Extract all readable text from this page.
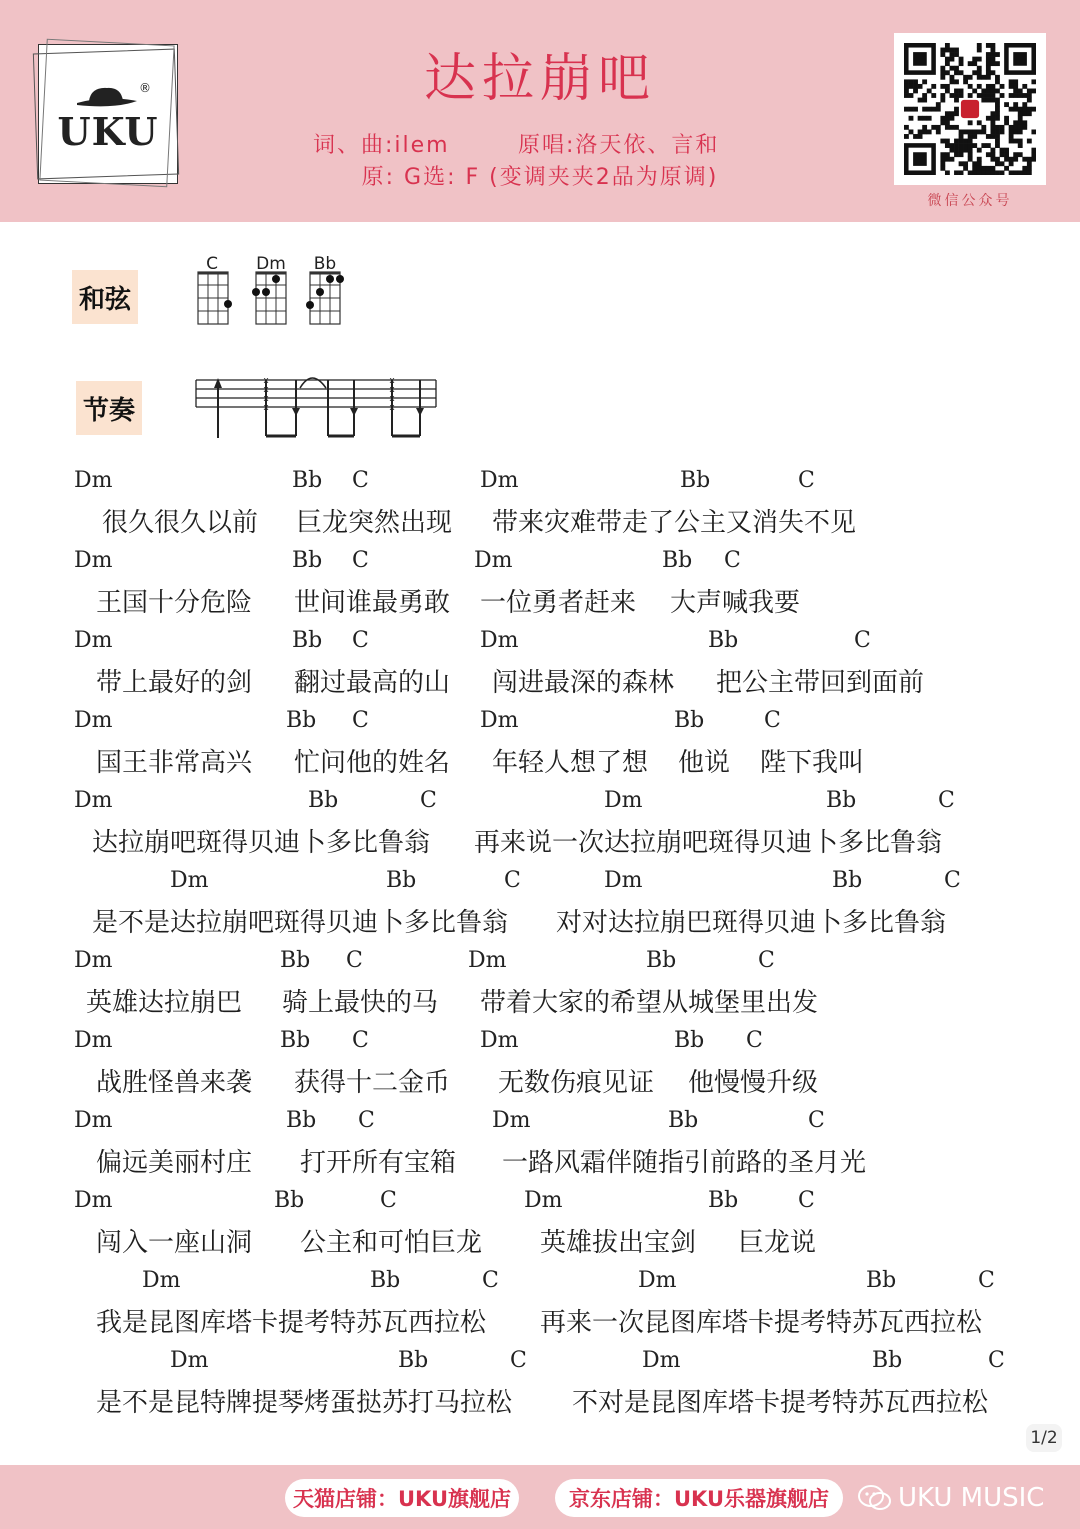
®
UKU
达拉崩吧
词、曲:ilem	原唱:洛天依、言和
原: G选: F (变调夹夹2品为原调)
微信公众号
和弦
C Dm Bb
节奏
x
x
x
x
x
x
x
x
Dm	Bb C	Dm	Bb	C
很久很久以前 巨龙突然出现 带来灾难带走了公主又消失不见
Dm	Bb C	Dm	Bb C
王国十分危险 世间谁最勇敢 一位勇者赶来 大声喊我要
Dm	Bb C	Dm	Bb	C
带上最好的剑 翻过最高的山 闯进最深的森林 把公主带回到面前
Dm	Bb C	Dm	Bb	C
国王非常高兴 忙问他的姓名 年轻人想了想 他说 陛下我叫
Dm	Bb	C	Dm	Bb	C
达拉崩吧斑得贝迪卜多比鲁翁 再来说一次达拉崩吧斑得贝迪卜多比鲁翁
Dm	Bb	C	Dm	Bb	C
是不是达拉崩吧斑得贝迪卜多比鲁翁 对对达拉崩巴斑得贝迪卜多比鲁翁
Dm	Bb C	Dm	Bb	C
英雄达拉崩巴 骑上最快的马 带着大家的希望从城堡里出发
Dm	Bb C	Dm	Bb C
战胜怪兽来袭 获得十二金币 无数伤痕见证 他慢慢升级
Dm	Bb C	Dm	Bb	C
偏远美丽村庄 打开所有宝箱 一路风霜伴随指引前路的圣月光
Dm	Bb	C	Dm	Bb	C
闯入一座山洞 公主和可怕巨龙 英雄拔出宝剑 巨龙说
Dm	Bb	C	Dm	Bb	C
我是昆图库塔卡提考特苏瓦西拉松 再来一次昆图库塔卡提考特苏瓦西拉松
Dm	Bb	C	Dm	Bb	C
是不是昆特牌提琴烤蛋挞苏打马拉松 不对是昆图库塔卡提考特苏瓦西拉松
1/2
天猫店铺：UKU旗舰店	京东店铺：UKU乐器旗舰店	UKU MUSIC
